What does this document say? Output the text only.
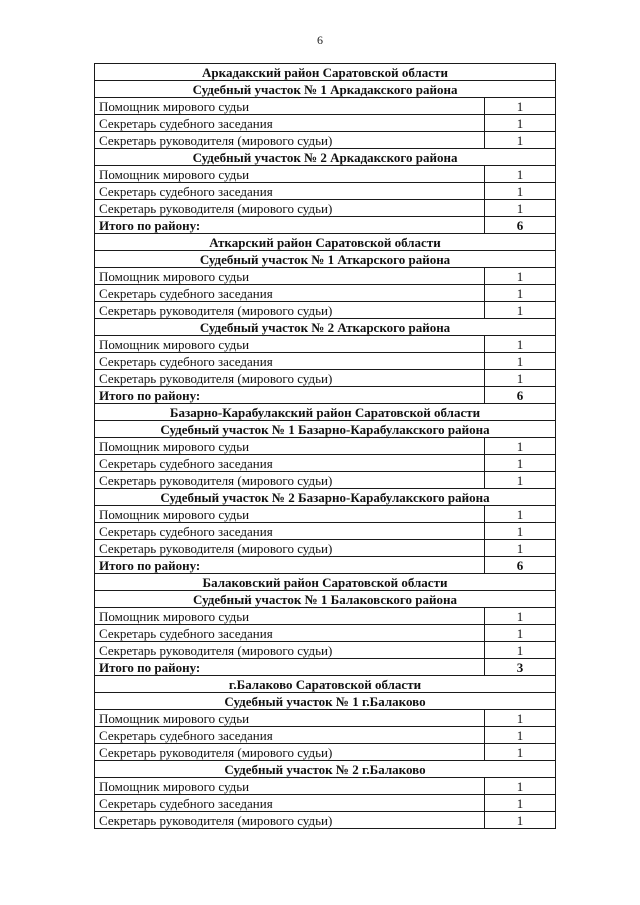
6
Аркадакский район Саратовской области	
Судебный участок № 1 Аркадакского района	
Помощник мирового судьи	1
Секретарь судебного заседания	1
Секретарь руководителя (мирового судьи)	1
Судебный участок № 2 Аркадакского района	
Помощник мирового судьи	1
Секретарь судебного заседания	1
Секретарь руководителя (мирового судьи)	1
Итого по району:	6
Аткарский район Саратовской области	
Судебный участок № 1 Аткарского района	
Помощник мирового судьи	1
Секретарь судебного заседания	1
Секретарь руководителя (мирового судьи)	1
Судебный участок № 2 Аткарского района	
Помощник мирового судьи	1
Секретарь судебного заседания	1
Секретарь руководителя (мирового судьи)	1
Итого по району:	6
Базарно-Карабулакский район Саратовской области	
Судебный участок № 1 Базарно-Карабулакского района	
Помощник мирового судьи	1
Секретарь судебного заседания	1
Секретарь руководителя (мирового судьи)	1
Судебный участок № 2 Базарно-Карабулакского района	
Помощник мирового судьи	1
Секретарь судебного заседания	1
Секретарь руководителя (мирового судьи)	1
Итого по району:	6
Балаковский район Саратовской области	
Судебный участок № 1 Балаковского района	
Помощник мирового судьи	1
Секретарь судебного заседания	1
Секретарь руководителя (мирового судьи)	1
Итого по району:	3
г.Балаково Саратовской области	
Судебный участок № 1 г.Балаково	
Помощник мирового судьи	1
Секретарь судебного заседания	1
Секретарь руководителя (мирового судьи)	1
Судебный участок № 2 г.Балаково	
Помощник мирового судьи	1
Секретарь судебного заседания	1
Секретарь руководителя (мирового судьи)	1
